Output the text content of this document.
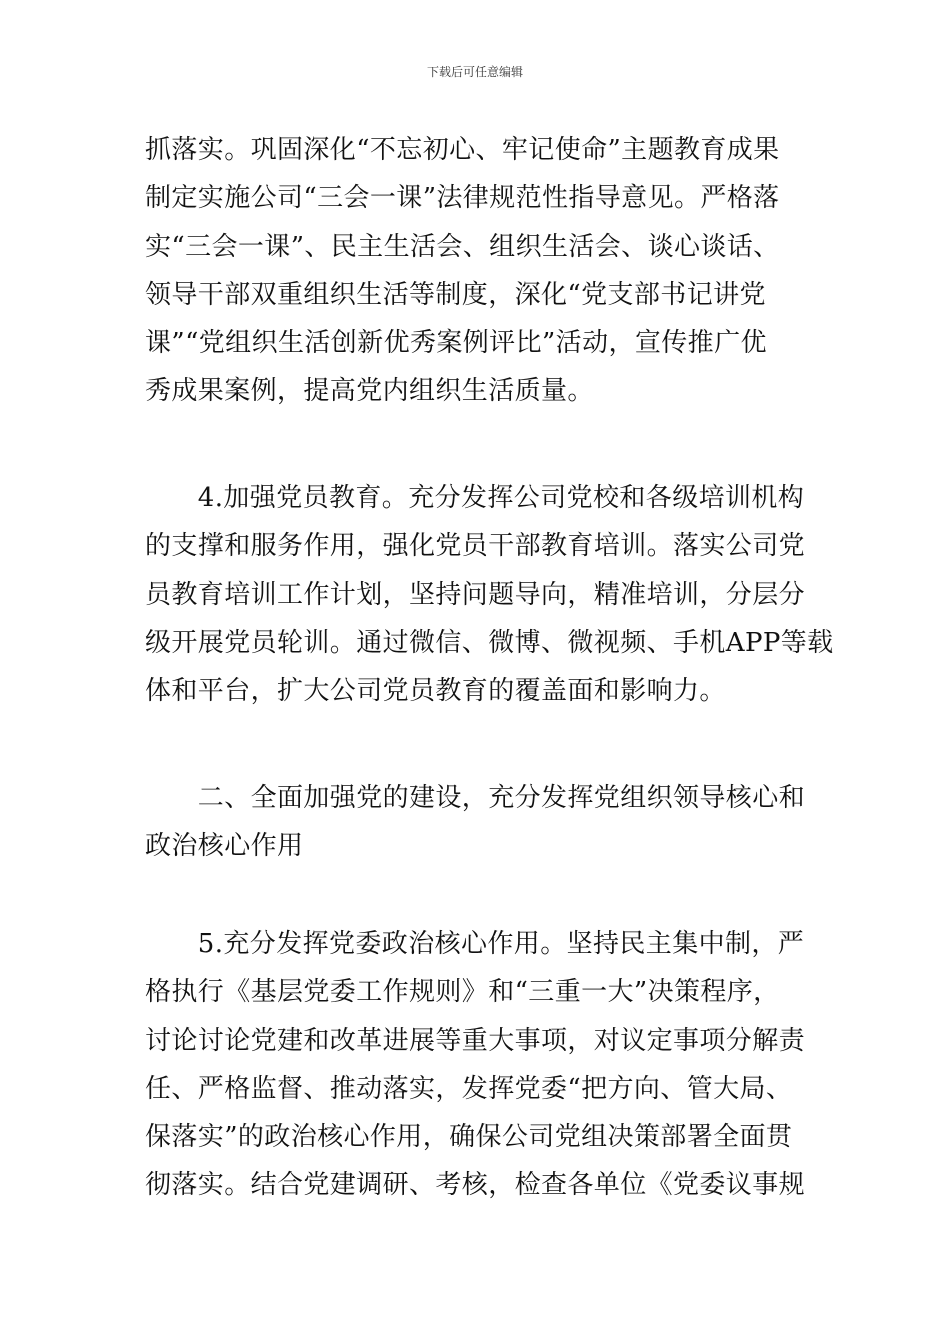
下载后可任意编辑
抓落实。巩固深化“不忘初心、牢记使命”主题教育成果
制定实施公司“三会一课”法律规范性指导意见。严格落
实“三会一课”、民主生活会、组织生活会、谈心谈话、
领导干部双重组织生活等制度，深化“党支部书记讲党
课”“党组织生活创新优秀案例评比”活动，宣传推广优
秀成果案例，提高党内组织生活质量。
　　4.加强党员教育。充分发挥公司党校和各级培训机构
的支撑和服务作用，强化党员干部教育培训。落实公司党
员教育培训工作计划，坚持问题导向，精准培训，分层分
级开展党员轮训。通过微信、微博、微视频、手机APP等载
体和平台，扩大公司党员教育的覆盖面和影响力。
　　二、全面加强党的建设，充分发挥党组织领导核心和
政治核心作用
　　5.充分发挥党委政治核心作用。坚持民主集中制，严
格执行《基层党委工作规则》和“三重一大”决策程序，
讨论讨论党建和改革进展等重大事项，对议定事项分解责
任、严格监督、推动落实，发挥党委“把方向、管大局、
保落实”的政治核心作用，确保公司党组决策部署全面贯
彻落实。结合党建调研、考核，检查各单位《党委议事规
